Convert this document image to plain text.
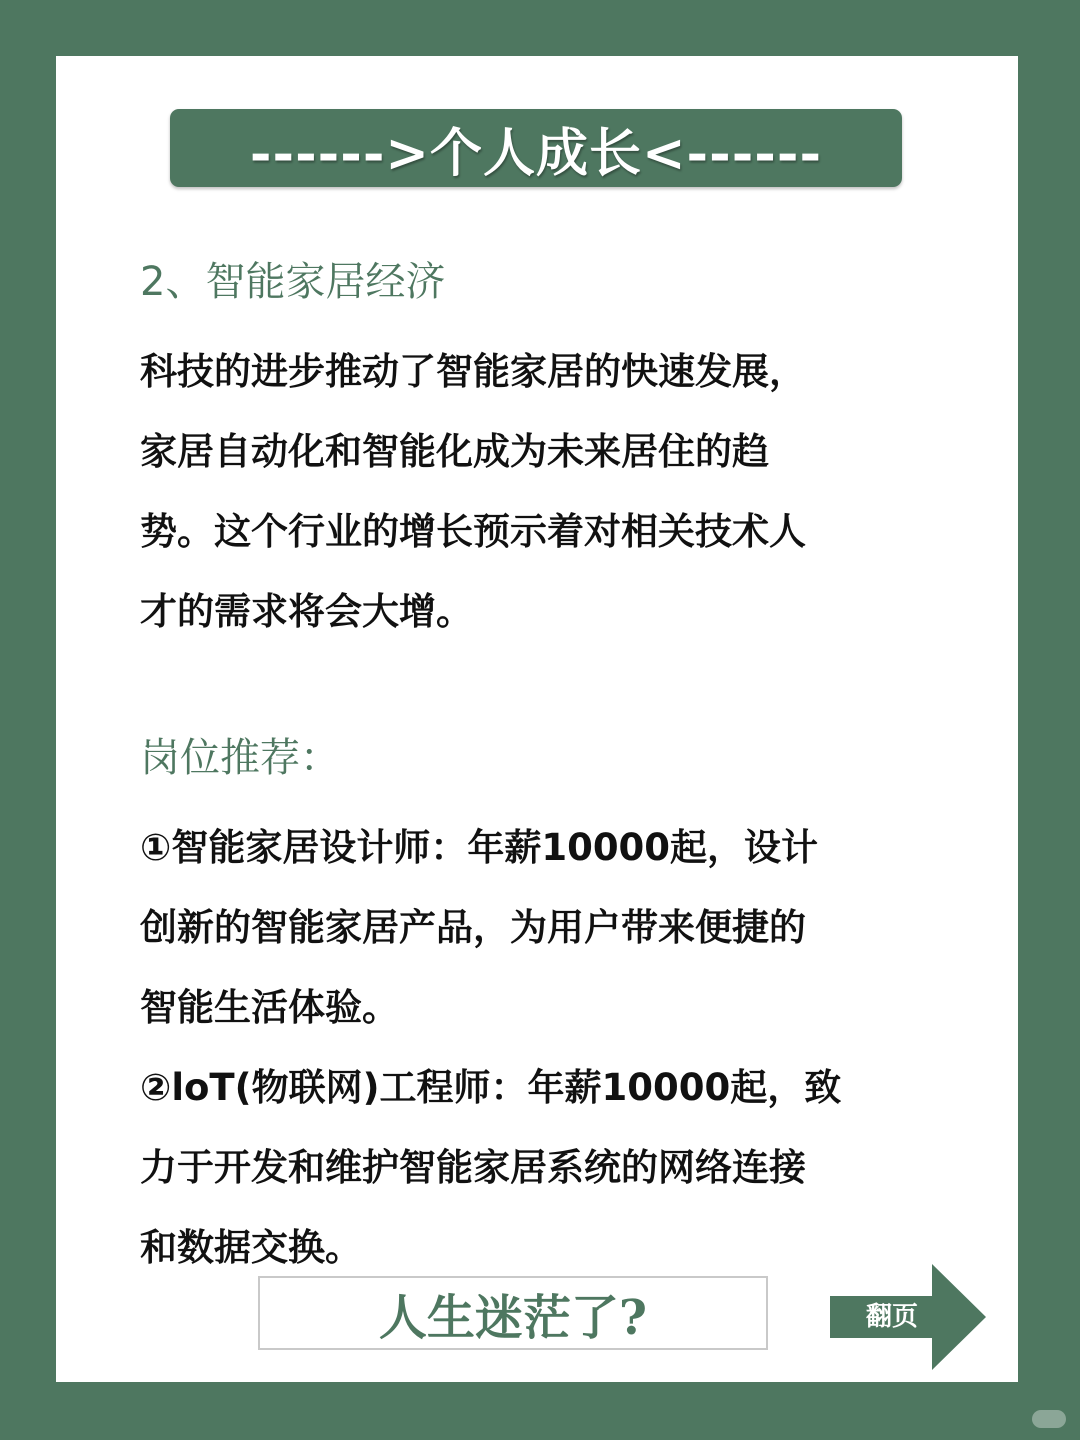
------>个人成长<------
2、智能家居经济

科技的进步推动了智能家居的快速发展，
家居自动化和智能化成为未来居住的趋
势。这个行业的增长预示着对相关技术人
才的需求将会大增。

岗位推荐：

①智能家居设计师：年薪10000起，设计
创新的智能家居产品，为用户带来便捷的
智能生活体验。
②loT(物联网)工程师：年薪10000起，致
力于开发和维护智能家居系统的网络连接
和数据交换。

人生迷茫了?	翻页
